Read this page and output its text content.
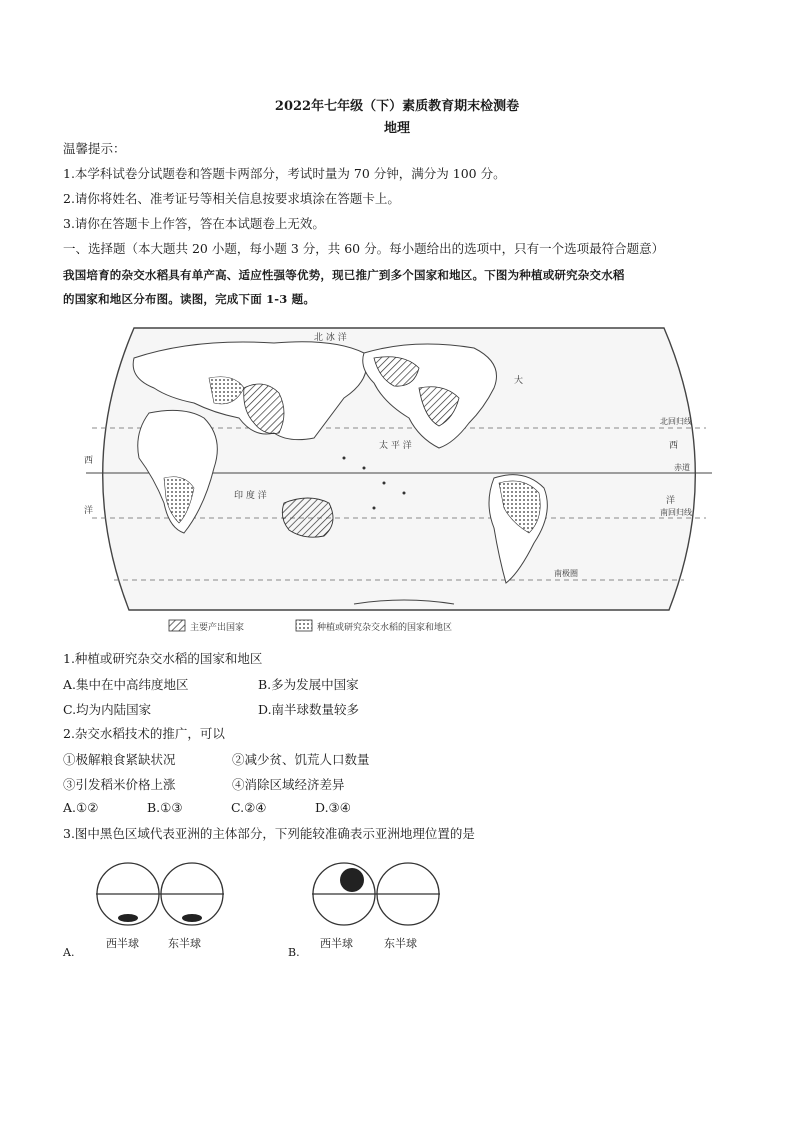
2022年七年级（下）素质教育期末检测卷
地理
温馨提示：
1.本学科试卷分试题卷和答题卡两部分，考试时量为 70 分钟，满分为 100 分。
2.请你将姓名、准考证号等相关信息按要求填涂在答题卡上。
3.请你在答题卡上作答，答在本试题卷上无效。
一、选择题（本大题共 20 小题，每小题 3 分，共 60 分。每小题给出的选项中，只有一个选项最符合题意）
我国培育的杂交水稻具有单产高、适应性强等优势，现已推广到多个国家和地区。下图为种植或研究杂交水稻
的国家和地区分布图。读图，完成下面 1-3 题。
北 冰 洋
太 平 洋
印 度 洋
大
西
西
洋
洋
北回归线
赤道
南回归线
南极圈
主要产出国家	种植或研究杂交水稻的国家和地区
1.种植或研究杂交水稻的国家和地区
A.集中在中高纬度地区	B.多为发展中国家
C.均为内陆国家	D.南半球数量较多
2.杂交水稻技术的推广，可以
①极解粮食紧缺状况	②减少贫、饥荒人口数量
③引发稻米价格上涨	④消除区域经济差异
A.①②	B.①③	C.②④	D.③④
3.图中黑色区域代表亚洲的主体部分，下列能较准确表示亚洲地理位置的是
西半球	东半球
A.
西半球	东半球
B.
